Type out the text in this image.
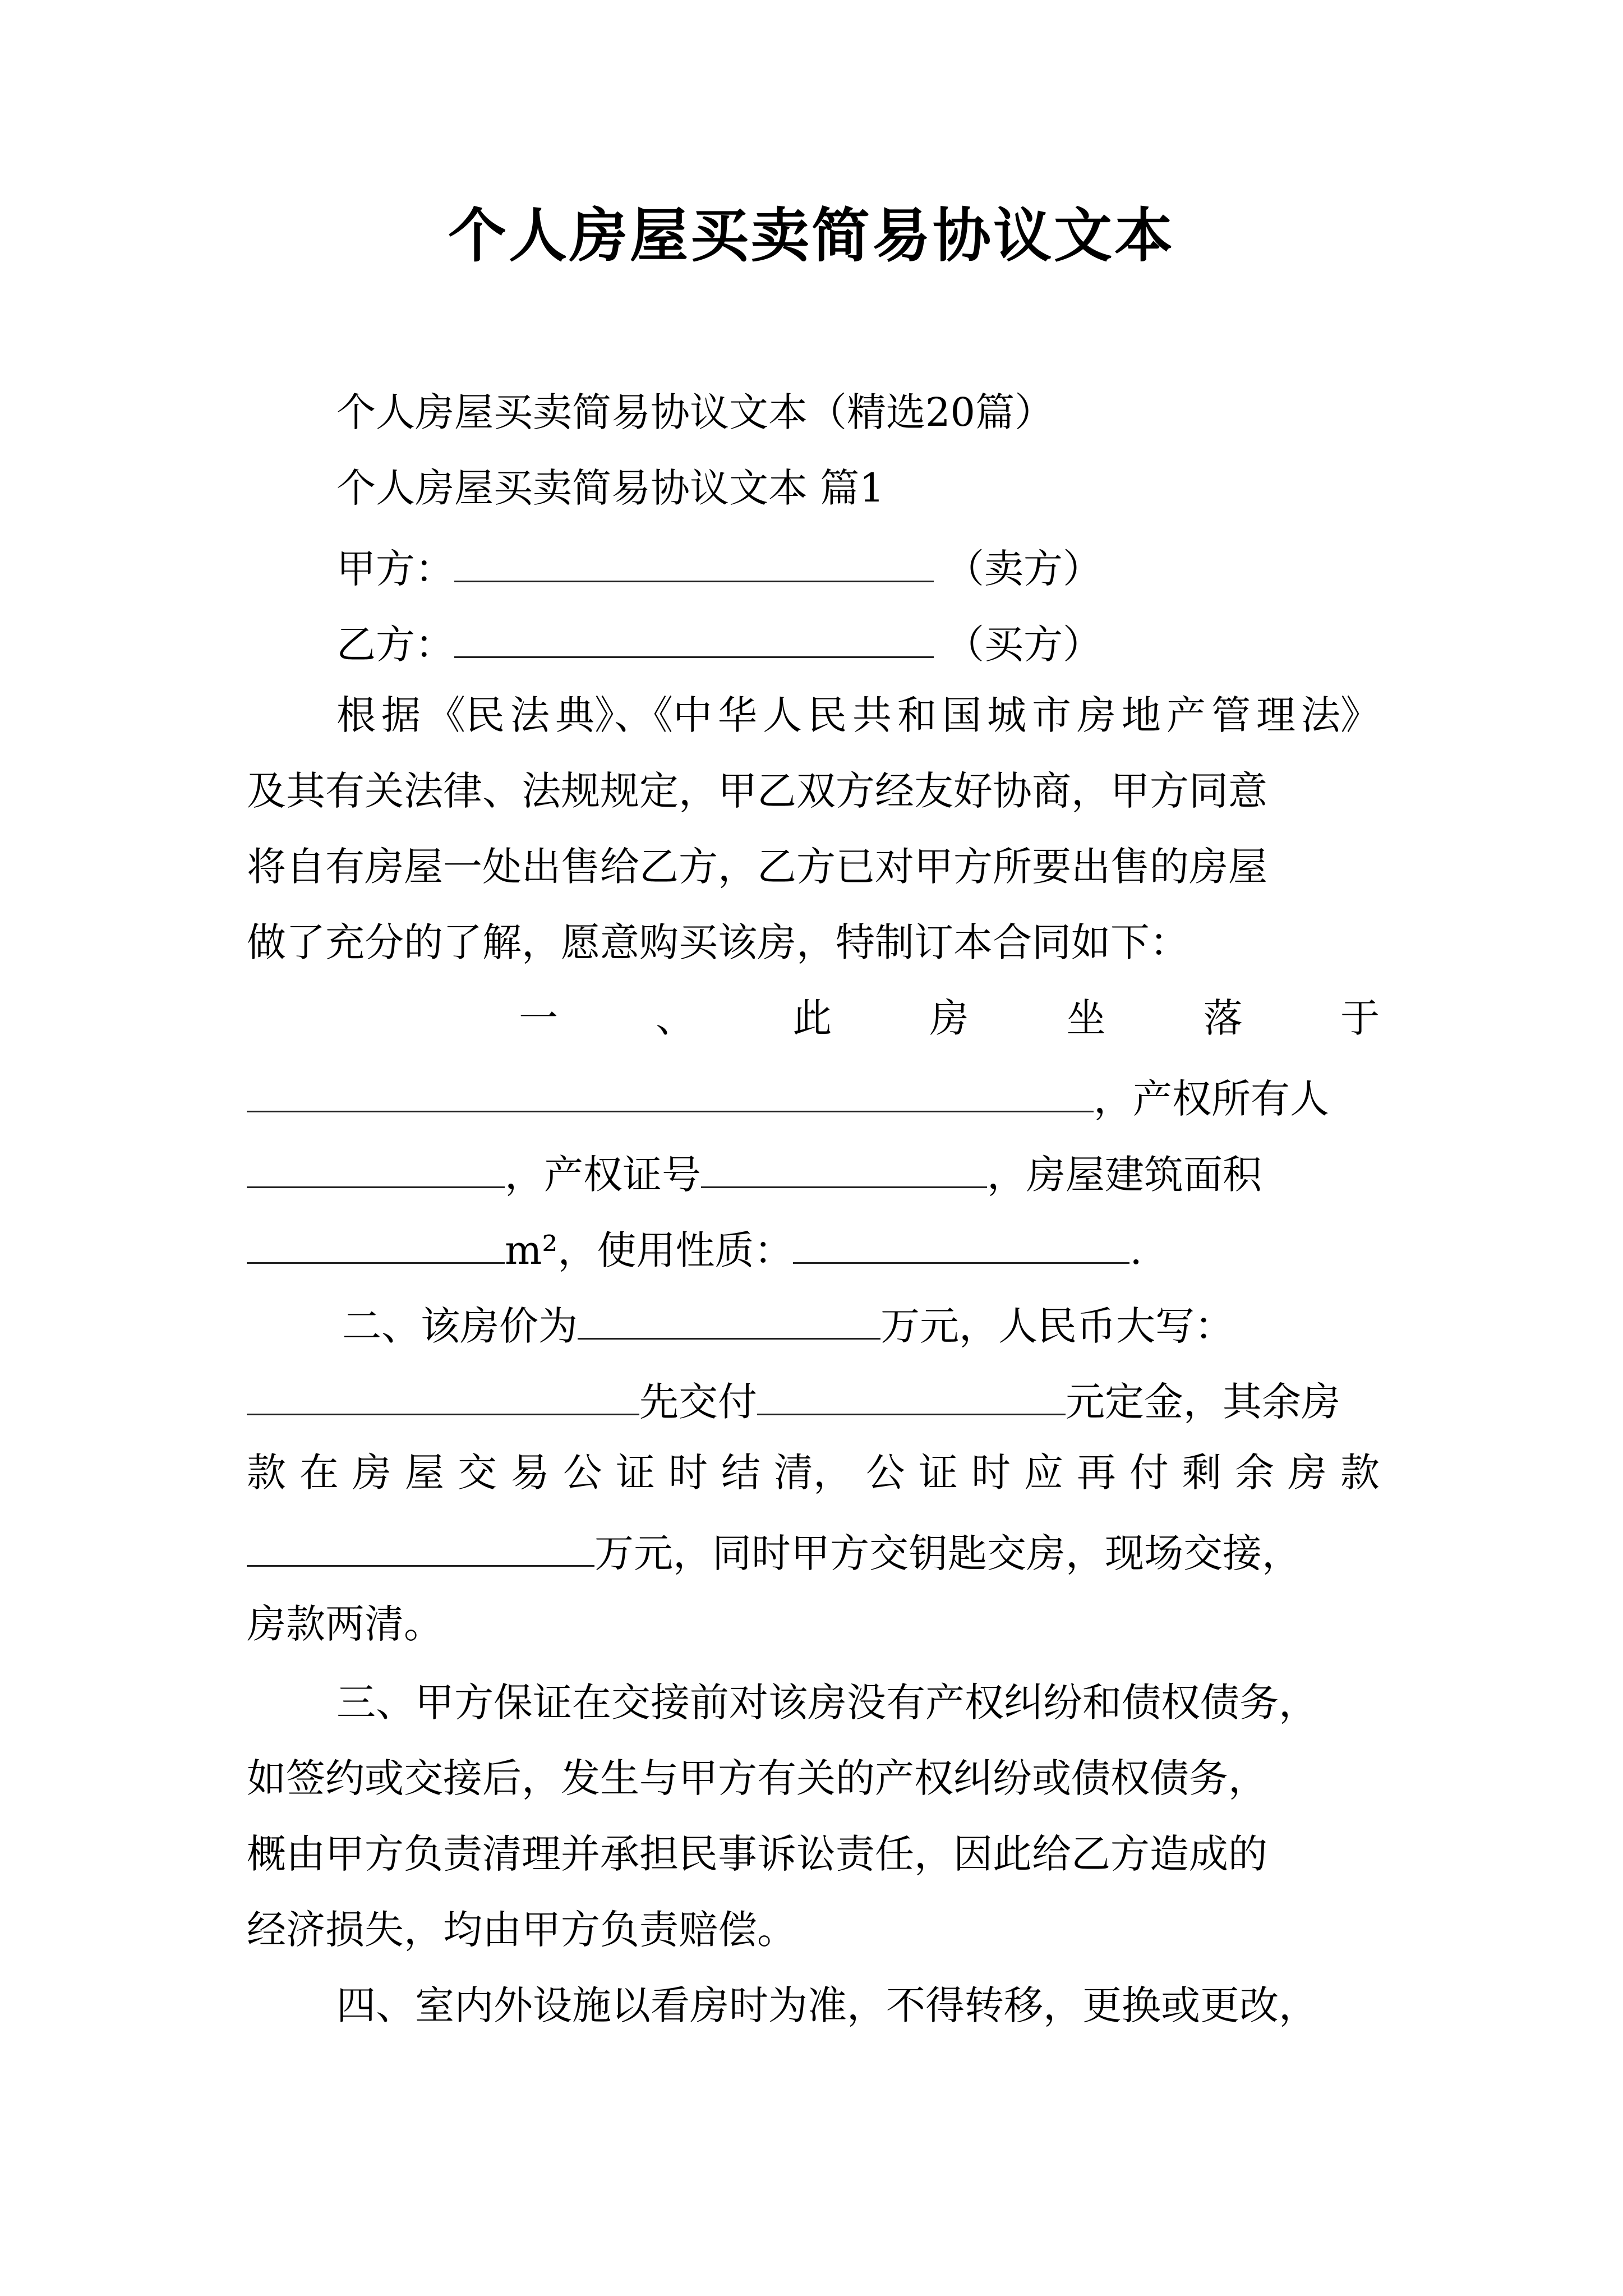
个人房屋买卖简易协议文本
个人房屋买卖简易协议文本（精选20篇）
个人房屋买卖简易协议文本 篇1
甲方：	（卖方）
乙方：	（买方）
根 据 《民 法 典》、《中 华 人 民 共 和 国 城 市 房 地 产 管 理 法》
及其有关法律、法规规定，甲乙双方经友好协商，甲方同意
将自有房屋一处出售给乙方，乙方已对甲方所要出售的房屋
做了充分的了解，愿意购买该房，特制订本合同如下：
一 、 此 房 坐 落 于
，产权所有人
，产权证号	，房屋建筑面积
m²，使用性质：	.
二、该房价为	万元，人民币大写：
先交付	元定金，其余房
款 在 房 屋 交 易 公 证 时 结 清， 公 证 时 应 再 付 剩 余 房 款
万元，同时甲方交钥匙交房，现场交接，
房款两清。
三、甲方保证在交接前对该房没有产权纠纷和债权债务，
如签约或交接后，发生与甲方有关的产权纠纷或债权债务，
概由甲方负责清理并承担民事诉讼责任，因此给乙方造成的
经济损失，均由甲方负责赔偿。
四、室内外设施以看房时为准，不得转移，更换或更改，
